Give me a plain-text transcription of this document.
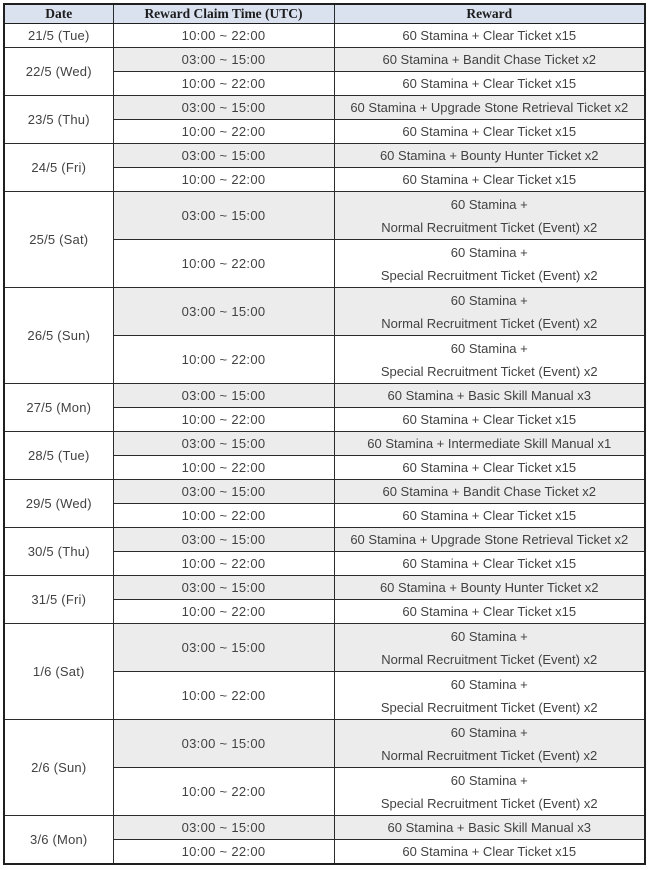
Date	Reward Claim Time (UTC)	Reward
21/5 (Tue)	10:00 ~ 22:00	60 Stamina + Clear Ticket x15

22/5 (Wed)	03:00 ~ 15:00	60 Stamina + Bandit Chase Ticket x2

	10:00 ~ 22:00	60 Stamina + Clear Ticket x15

23/5 (Thu)	03:00 ~ 15:00	60 Stamina + Upgrade Stone Retrieval Ticket x2

	10:00 ~ 22:00	60 Stamina + Clear Ticket x15

24/5 (Fri)	03:00 ~ 15:00	60 Stamina + Bounty Hunter Ticket x2

	10:00 ~ 22:00	60 Stamina + Clear Ticket x15

25/5 (Sat)	03:00 ~ 15:00	60 Stamina +
Normal Recruitment Ticket (Event) x2

	10:00 ~ 22:00	60 Stamina +
Special Recruitment Ticket (Event) x2

26/5 (Sun)	03:00 ~ 15:00	60 Stamina +
Normal Recruitment Ticket (Event) x2

	10:00 ~ 22:00	60 Stamina +
Special Recruitment Ticket (Event) x2

27/5 (Mon)	03:00 ~ 15:00	60 Stamina + Basic Skill Manual x3

	10:00 ~ 22:00	60 Stamina + Clear Ticket x15

28/5 (Tue)	03:00 ~ 15:00	60 Stamina + Intermediate Skill Manual x1

	10:00 ~ 22:00	60 Stamina + Clear Ticket x15

29/5 (Wed)	03:00 ~ 15:00	60 Stamina + Bandit Chase Ticket x2

	10:00 ~ 22:00	60 Stamina + Clear Ticket x15

30/5 (Thu)	03:00 ~ 15:00	60 Stamina + Upgrade Stone Retrieval Ticket x2

	10:00 ~ 22:00	60 Stamina + Clear Ticket x15

31/5 (Fri)	03:00 ~ 15:00	60 Stamina + Bounty Hunter Ticket x2

	10:00 ~ 22:00	60 Stamina + Clear Ticket x15

1/6 (Sat)	03:00 ~ 15:00	60 Stamina +
Normal Recruitment Ticket (Event) x2

	10:00 ~ 22:00	60 Stamina +
Special Recruitment Ticket (Event) x2

2/6 (Sun)	03:00 ~ 15:00	60 Stamina +
Normal Recruitment Ticket (Event) x2

	10:00 ~ 22:00	60 Stamina +
Special Recruitment Ticket (Event) x2

3/6 (Mon)	03:00 ~ 15:00	60 Stamina + Basic Skill Manual x3

	10:00 ~ 22:00	60 Stamina + Clear Ticket x15
